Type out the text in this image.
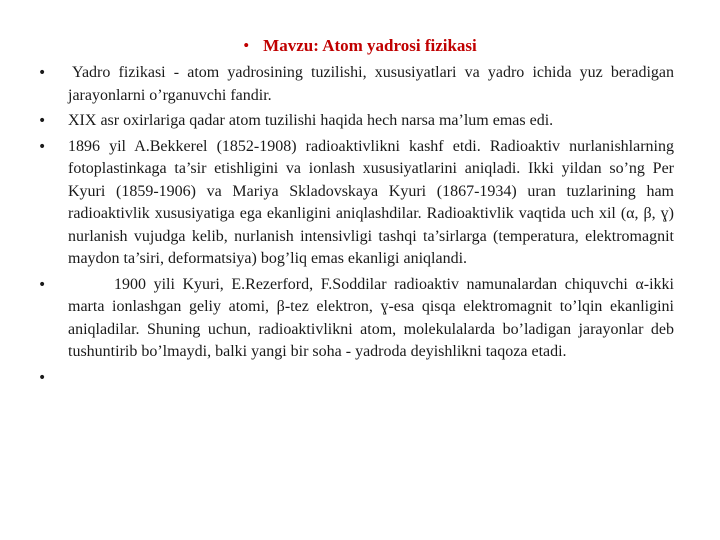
• Mavzu: Atom yadrosi fizikasi
• Yadro fizikasi - atom yadrosining tuzilishi, xususiyatlari va yadro ichida yuz beradigan jarayonlarni o’rganuvchi fandir.
• XIX asr oxirlariga qadar atom tuzilishi haqida hech narsa ma’lum emas edi.
• 1896 yil A.Bekkerel (1852-1908) radioaktivlikni kashf etdi. Radioaktiv nurlanishlarning fotoplastinkaga ta’sir etishligini va ionlash xususiyatlarini aniqladi. Ikki yildan so’ng Per Kyuri (1859-1906) va Mariya Skladovskaya Kyuri (1867-1934) uran tuzlarining ham radioaktivlik xususiyatiga ega ekanligini aniqlashdilar. Radioaktivlik vaqtida uch xil (α, β, ɣ) nurlanish vujudga kelib, nurlanish intensivligi tashqi ta’sirlarga (temperatura, elektromagnit maydon ta’siri, deformatsiya) bog’liq emas ekanligi aniqlandi.
•	1900 yili Kyuri, E.Rezerford, F.Soddilar radioaktiv namunalardan chiquvchi α-ikki marta ionlashgan geliy atomi, β-tez elektron, ɣ-esa qisqa elektromagnit to’lqin ekanligini aniqladilar. Shuning uchun, radioaktivlikni atom, molekulalarda bo’ladigan jarayonlar deb tushuntirib bo’lmaydi, balki yangi bir soha - yadroda deyishlikni taqoza etadi.
•
